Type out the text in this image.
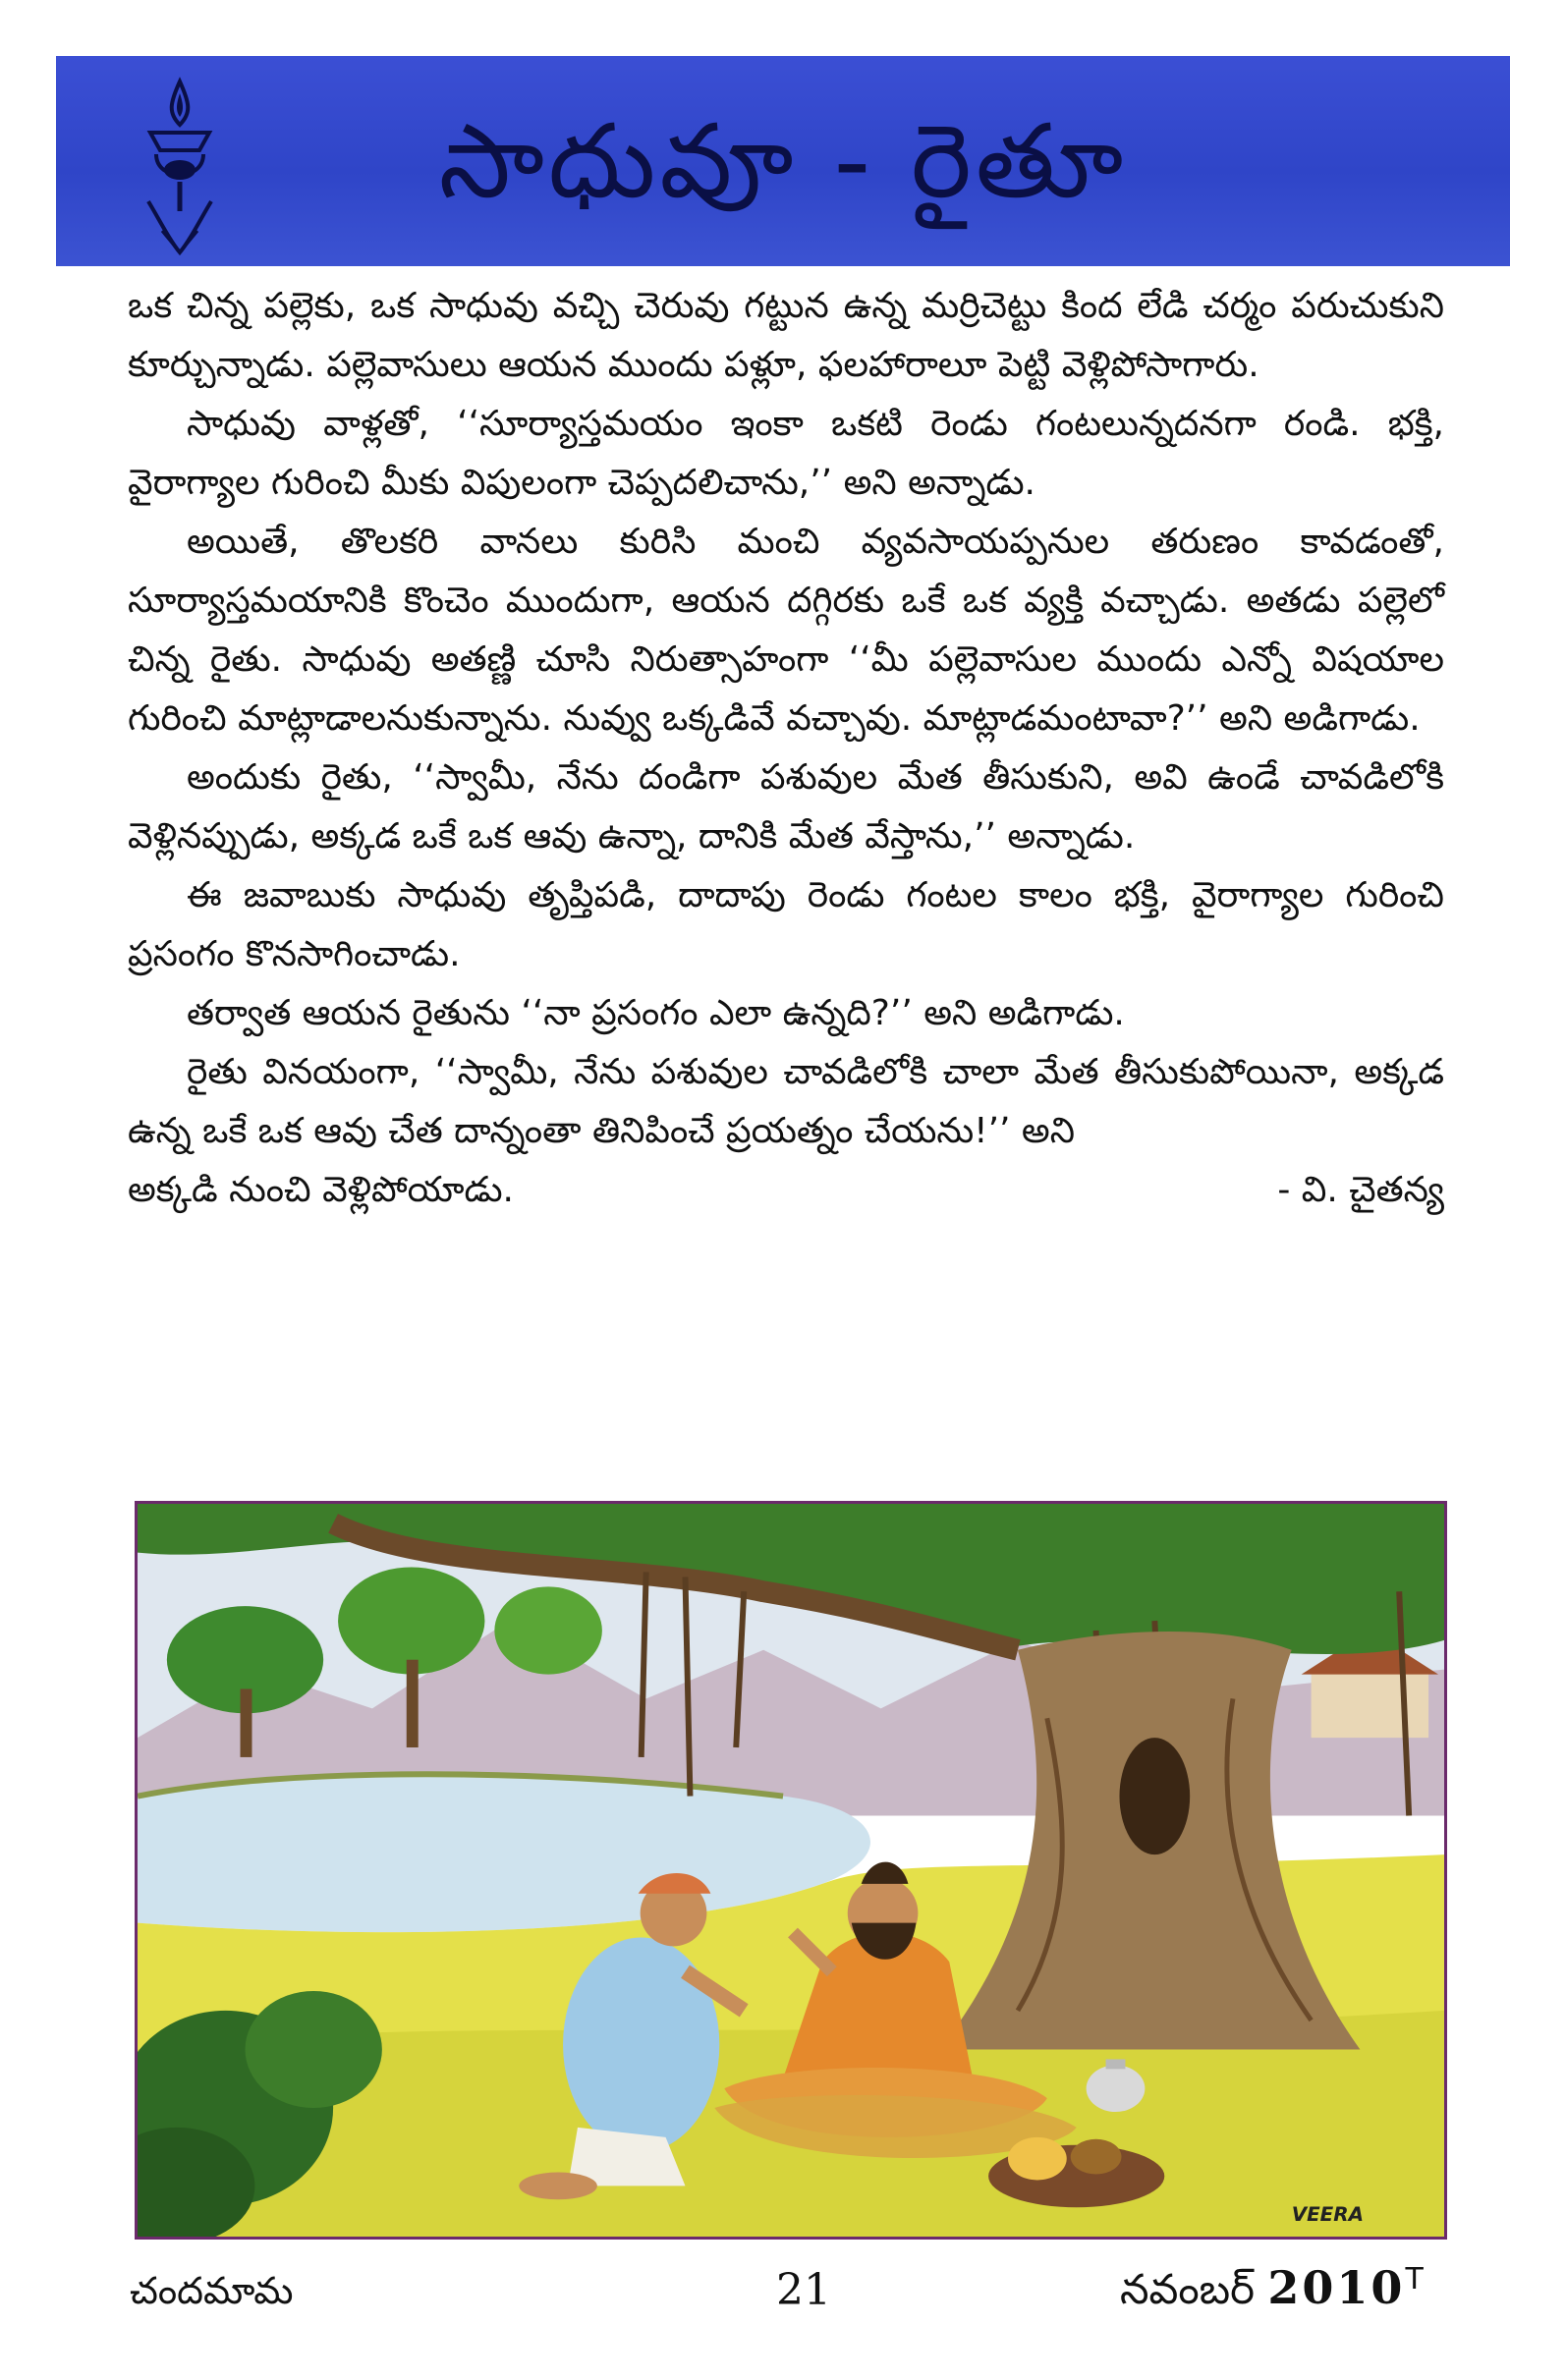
సాధువూ - రైతూ

ఒక చిన్న పల్లెకు, ఒక సాధువు వచ్చి చెరువు గట్టున ఉన్న మర్రిచెట్టు కింద లేడి చర్మం పరుచుకుని కూర్చున్నాడు. పల్లెవాసులు ఆయన ముందు పళ్లూ, ఫలహారాలూ పెట్టి వెళ్లిపోసాగారు.

సాధువు వాళ్లతో, ‘‘సూర్యాస్తమయం ఇంకా ఒకటి రెండు గంటలున్నదనగా రండి. భక్తి, వైరాగ్యాల గురించి మీకు విపులంగా చెప్పదలిచాను,’’ అని అన్నాడు.

అయితే, తొలకరి వానలు కురిసి మంచి వ్యవసాయప్పనుల తరుణం కావడంతో, సూర్యాస్తమయానికి కొంచెం ముందుగా, ఆయన దగ్గిరకు ఒకే ఒక వ్యక్తి వచ్చాడు. అతడు పల్లెలో చిన్న రైతు. సాధువు అతణ్ణి చూసి నిరుత్సాహంగా ‘‘మీ పల్లెవాసుల ముందు ఎన్నో విషయాల గురించి మాట్లాడాలనుకున్నాను. నువ్వు ఒక్కడివే వచ్చావు. మాట్లాడమంటావా?’’ అని అడిగాడు.

అందుకు రైతు, ‘‘స్వామీ, నేను దండిగా పశువుల మేత తీసుకుని, అవి ఉండే చావడిలోకి వెళ్లినప్పుడు, అక్కడ ఒకే ఒక ఆవు ఉన్నా, దానికి మేత వేస్తాను,’’ అన్నాడు.

ఈ జవాబుకు సాధువు తృప్తిపడి, దాదాపు రెండు గంటల కాలం భక్తి, వైరాగ్యాల గురించి ప్రసంగం కొనసాగించాడు.

తర్వాత ఆయన రైతును ‘‘నా ప్రసంగం ఎలా ఉన్నది?’’ అని అడిగాడు.

రైతు వినయంగా, ‘‘స్వామీ, నేను పశువుల చావడిలోకి చాలా మేత తీసుకుపోయినా, అక్కడ ఉన్న ఒకే ఒక ఆవు చేత దాన్నంతా తినిపించే ప్రయత్నం చేయను!’’ అని

అక్కడి నుంచి వెళ్లిపోయాడు.	- వి. చైతన్య

VEERA
చందమామ	21	నవంబర్ $2010^T$
